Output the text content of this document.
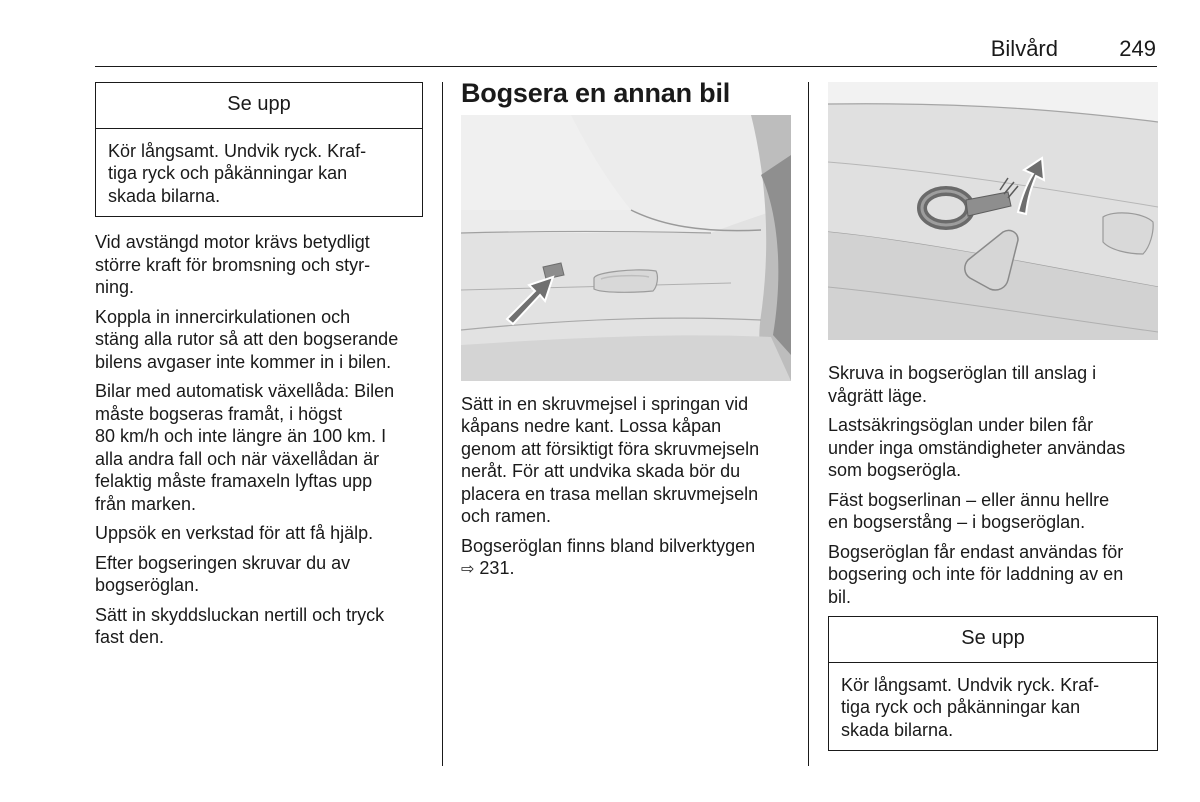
Bilvård	249
Se upp
Kör långsamt. Undvik ryck. Kraf-
tiga ryck och påkänningar kan
skada bilarna.

Vid avstängd motor krävs betydligt
större kraft för bromsning och styr-
ning.

Koppla in innercirkulationen och
stäng alla rutor så att den bogserande
bilens avgaser inte kommer in i bilen.

Bilar med automatisk växellåda: Bilen
måste bogseras framåt, i högst
80 km/h och inte längre än 100 km. I
alla andra fall och när växellådan är
felaktig måste framaxeln lyftas upp
från marken.

Uppsök en verkstad för att få hjälp.

Efter bogseringen skruvar du av
bogseröglan.

Sätt in skyddsluckan nertill och tryck
fast den.

Bogsera en annan bil

Sätt in en skruvmejsel i springan vid
kåpans nedre kant. Lossa kåpan
genom att försiktigt föra skruvmejseln
neråt. För att undvika skada bör du
placera en trasa mellan skruvmejseln
och ramen.

Bogseröglan finns bland bilverktygen
⇨ 231.

Skruva in bogseröglan till anslag i
vågrätt läge.

Lastsäkringsöglan under bilen får
under inga omständigheter användas
som bogserögla.

Fäst bogserlinan – eller ännu hellre
en bogserstång – i bogseröglan.

Bogseröglan får endast användas för
bogsering och inte för laddning av en
bil.

Se upp
Kör långsamt. Undvik ryck. Kraf-
tiga ryck och påkänningar kan
skada bilarna.
